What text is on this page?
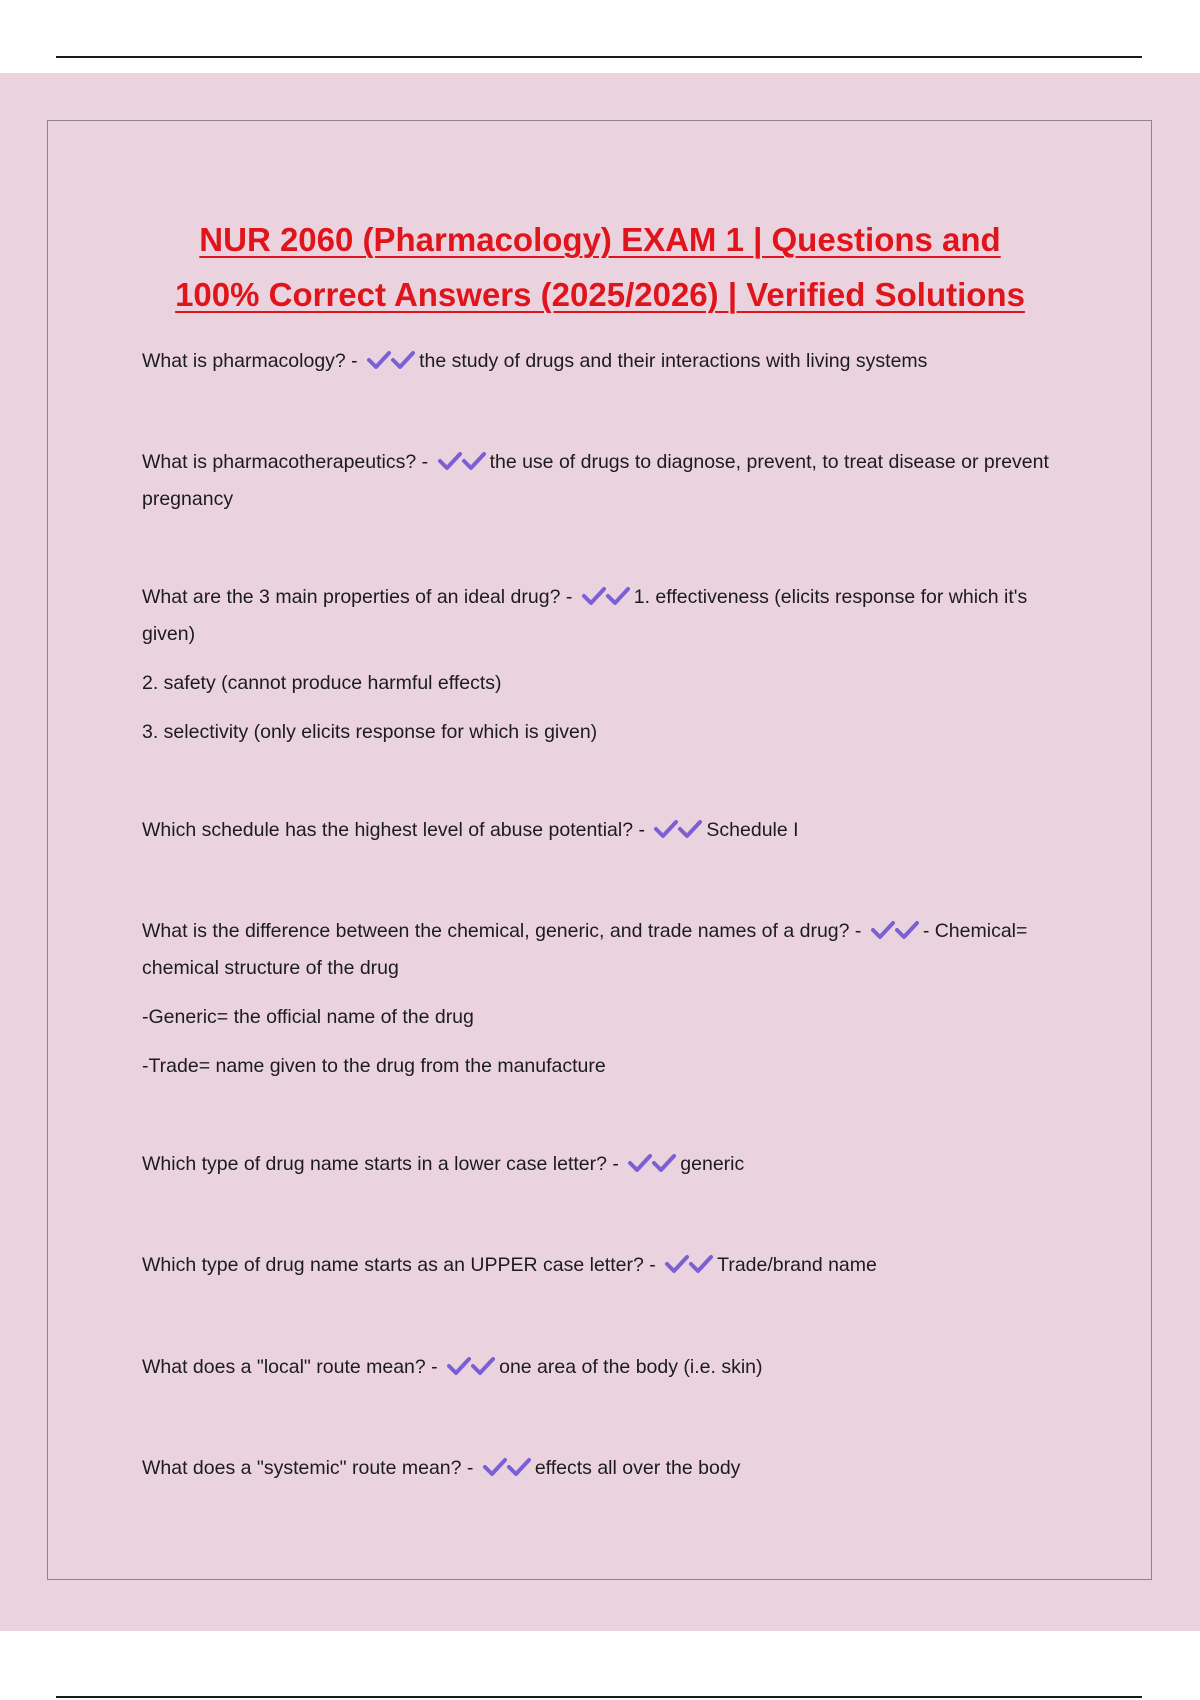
NUR 2060 (Pharmacology) EXAM 1 | Questions and
100% Correct Answers (2025/2026) | Verified Solutions
What is pharmacology? -	the study of drugs and their interactions with living systems
What is pharmacotherapeutics? -	the use of drugs to diagnose, prevent, to treat disease or prevent pregnancy
What are the 3 main properties of an ideal drug? -	1. effectiveness (elicits response for which it's given)
2. safety (cannot produce harmful effects)
3. selectivity (only elicits response for which is given)
Which schedule has the highest level of abuse potential? -	Schedule I
What is the difference between the chemical, generic, and trade names of a drug? -	- Chemical= chemical structure of the drug
-Generic= the official name of the drug
-Trade= name given to the drug from the manufacture
Which type of drug name starts in a lower case letter? -	generic
Which type of drug name starts as an UPPER case letter? -	Trade/brand name
What does a "local" route mean? -	one area of the body (i.e. skin)
What does a "systemic" route mean? -	effects all over the body
